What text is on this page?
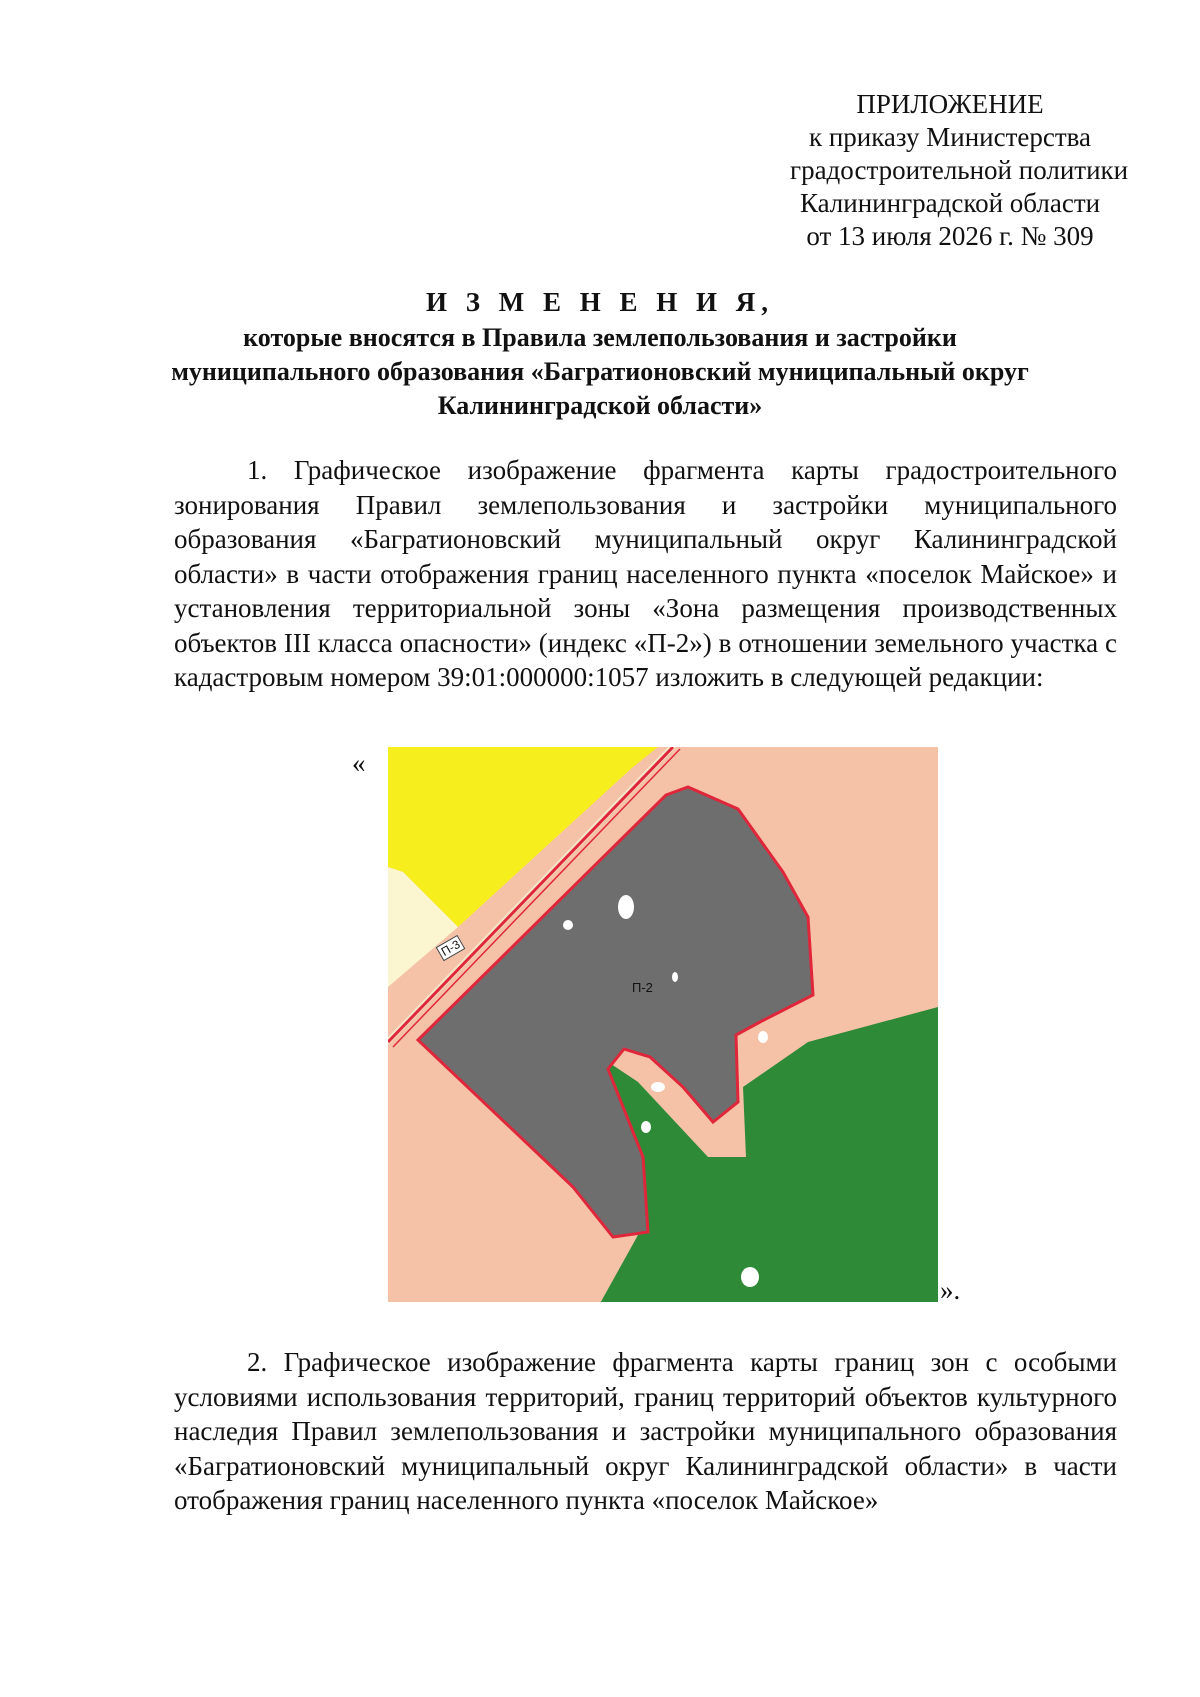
ПРИЛОЖЕНИЕ
к приказу Министерства
градостроительной политики
Калининградской области
от 13 июля 2026 г. № 309
И З М Е Н Е Н И Я,
которые вносятся в Правила землепользования и застройки
муниципального образования «Багратионовский муниципальный округ
Калининградской области»
1. Графическое изображение фрагмента карты градостроительного зонирования Правил землепользования и застройки муниципального образования «Багратионовский муниципальный округ Калининградской области» в части отображения границ населенного пункта «поселок Майское» и установления территориальной зоны «Зона размещения производственных объектов III класса опасности» (индекс «П-2») в отношении земельного участка с кадастровым номером 39:01:000000:1057 изложить в следующей редакции:
«
П-3
П-2
».
2. Графическое изображение фрагмента карты границ зон с особыми условиями использования территорий, границ территорий объектов культурного наследия Правил землепользования и застройки муниципального образования «Багратионовский муниципальный округ Калининградской области» в части отображения границ населенного пункта «поселок Майское»
